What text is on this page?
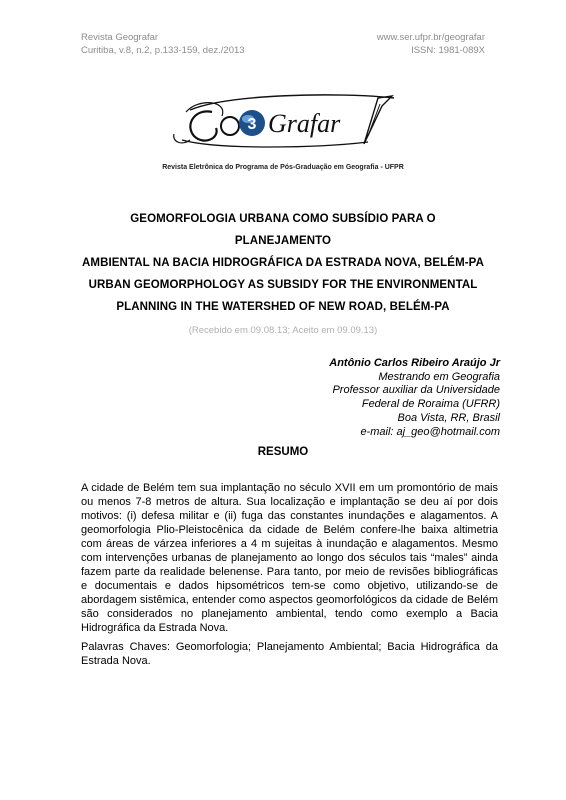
Revista Geografar
Curitiba, v.8, n.2, p.133-159, dez./2013
www.ser.ufpr.br/geografar
ISSN: 1981-089X
3 Grafar
Revista Eletrônica do Programa de Pós-Graduação em Geografia - UFPR
GEOMORFOLOGIA URBANA COMO SUBSÍDIO PARA O PLANEJAMENTO
AMBIENTAL NA BACIA HIDROGRÁFICA DA ESTRADA NOVA, BELÉM-PA
URBAN GEOMORPHOLOGY AS SUBSIDY FOR THE ENVIRONMENTAL
PLANNING IN THE WATERSHED OF NEW ROAD, BELÉM-PA
(Recebido em 09.08.13; Aceito em 09.09.13)
Antônio Carlos Ribeiro Araújo Jr
Mestrando em Geografia
Professor auxiliar da Universidade
Federal de Roraima (UFRR)
Boa Vista, RR, Brasil
e-mail: aj_geo@hotmail.com
RESUMO

A cidade de Belém tem sua implantação no século XVII em um promontório de mais ou menos 7-8 metros de altura. Sua localização e implantação se deu aí por dois motivos: (i) defesa militar e (ii) fuga das constantes inundações e alagamentos. A geomorfologia Plio-Pleistocênica da cidade de Belém confere-lhe baixa altimetria com áreas de várzea inferiores a 4 m sujeitas à inundação e alagamentos. Mesmo com intervenções urbanas de planejamento ao longo dos séculos tais “males” ainda fazem parte da realidade belenense. Para tanto, por meio de revisões bibliográficas e documentais e dados hipsométricos tem-se como objetivo, utilizando-se de abordagem sistêmica, entender como aspectos geomorfológicos da cidade de Belém são considerados no planejamento ambiental, tendo como exemplo a Bacia Hidrográfica da Estrada Nova.

Palavras Chaves: Geomorfologia; Planejamento Ambiental; Bacia Hidrográfica da Estrada Nova.
